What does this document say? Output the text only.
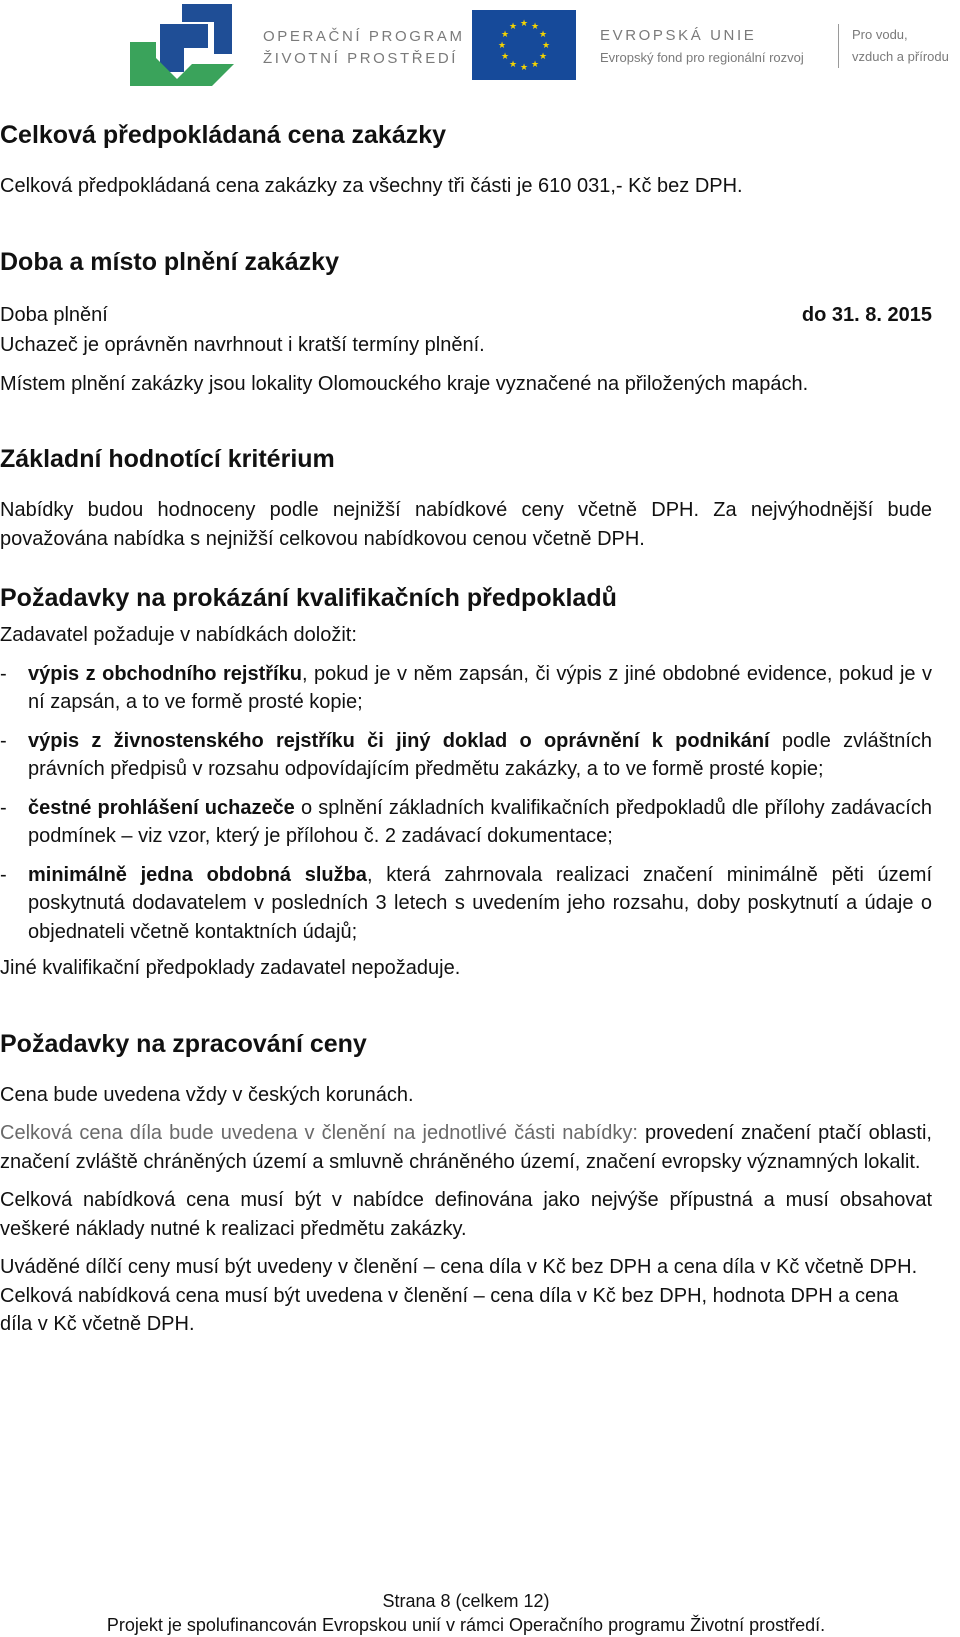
OPERAČNÍ PROGRAM
ŽIVOTNÍ PROSTŘEDÍ
★ ★
★
★
★
★
★
★
★
★
★
★	EVROPSKÁ UNIE
Evropský fond pro regionální rozvoj
Pro vodu,
vzduch a přírodu
Celková předpokládaná cena zakázky

Celková předpokládaná cena zakázky za všechny tři části je 610 031,- Kč bez DPH.

Doba a místo plnění zakázky
Doba plnění	do 31. 8. 2015

Uchazeč je oprávněn navrhnout i kratší termíny plnění.

Místem plnění zakázky jsou lokality Olomouckého kraje vyznačené na přiložených mapách.

Základní hodnotící kritérium

Nabídky budou hodnoceny podle nejnižší nabídkové ceny včetně DPH. Za nejvýhodnější bude považována nabídka s nejnižší celkovou nabídkovou cenou včetně DPH.

Požadavky na prokázání kvalifikačních předpokladů

Zadavatel požaduje v nabídkách doložit:

- výpis z obchodního rejstříku, pokud je v něm zapsán, či výpis z jiné obdobné evidence, pokud je v ní zapsán, a to ve formě prosté kopie;
- výpis z živnostenského rejstříku či jiný doklad o oprávnění k podnikání podle zvláštních právních předpisů v rozsahu odpovídajícím předmětu zakázky, a to ve formě prosté kopie;
- čestné prohlášení uchazeče o splnění základních kvalifikačních předpokladů dle přílohy zadávacích podmínek – viz vzor, který je přílohou č. 2 zadávací dokumentace;
- minimálně jedna obdobná služba, která zahrnovala realizaci značení minimálně pěti území poskytnutá dodavatelem v posledních 3 letech s uvedením jeho rozsahu, doby poskytnutí a údaje o objednateli včetně kontaktních údajů;

Jiné kvalifikační předpoklady zadavatel nepožaduje.

Požadavky na zpracování ceny

Cena bude uvedena vždy v českých korunách.

Celková cena díla bude uvedena v členění na jednotlivé části nabídky: provedení značení ptačí oblasti, značení zvláště chráněných území a smluvně chráněného území, značení evropsky významných lokalit.

Celková nabídková cena musí být v nabídce definována jako nejvýše přípustná a musí obsahovat veškeré náklady nutné k realizaci předmětu zakázky.

Uváděné dílčí ceny musí být uvedeny v členění – cena díla v Kč bez DPH a cena díla v Kč včetně DPH. Celková nabídková cena musí být uvedena v členění – cena díla v Kč bez DPH, hodnota DPH a cena díla v Kč včetně DPH.

Strana 8 (celkem 12)
Projekt je spolufinancován Evropskou unií v rámci Operačního programu Životní prostředí.
